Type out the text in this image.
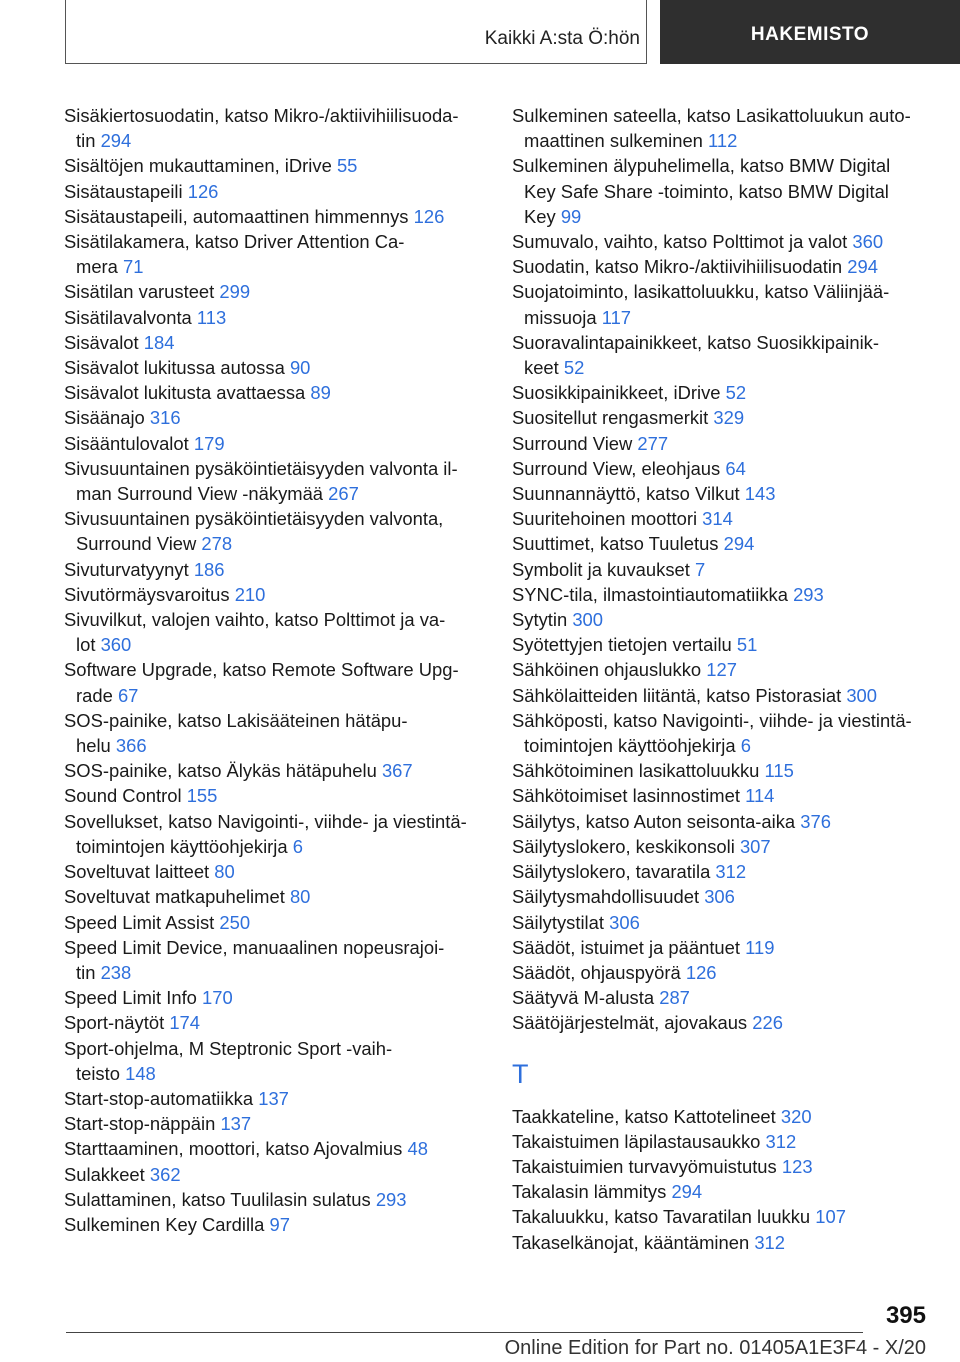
Kaikki A:sta Ö:hön	HAKEMISTO
Sisäkiertosuodatin, katso Mikro-/aktiivihiilisuoda-
tin 294
Sisältöjen mukauttaminen, iDrive 55
Sisätaustapeili 126
Sisätaustapeili, automaattinen himmennys 126
Sisätilakamera, katso Driver Attention Ca-
mera 71
Sisätilan varusteet 299
Sisätilavalvonta 113
Sisävalot 184
Sisävalot lukitussa autossa 90
Sisävalot lukitusta avattaessa 89
Sisäänajo 316
Sisääntulovalot 179
Sivusuuntainen pysäköintietäisyyden valvonta il-
man Surround View -näkymää 267
Sivusuuntainen pysäköintietäisyyden valvonta,
Surround View 278
Sivuturvatyynyt 186
Sivutörmäysvaroitus 210
Sivuvilkut, valojen vaihto, katso Polttimot ja va-
lot 360
Software Upgrade, katso Remote Software Upg-
rade 67
SOS-painike, katso Lakisääteinen hätäpu-
helu 366
SOS-painike, katso Älykäs hätäpuhelu 367
Sound Control 155
Sovellukset, katso Navigointi-, viihde- ja viestintä-
toimintojen käyttöohjekirja 6
Soveltuvat laitteet 80
Soveltuvat matkapuhelimet 80
Speed Limit Assist 250
Speed Limit Device, manuaalinen nopeusrajoi-
tin 238
Speed Limit Info 170
Sport-näytöt 174
Sport-ohjelma, M Steptronic Sport -vaih-
teisto 148
Start-stop-automatiikka 137
Start-stop-näppäin 137
Starttaaminen, moottori, katso Ajovalmius 48
Sulakkeet 362
Sulattaminen, katso Tuulilasin sulatus 293
Sulkeminen Key Cardilla 97
Sulkeminen sateella, katso Lasikattoluukun auto-
maattinen sulkeminen 112
Sulkeminen älypuhelimella, katso BMW Digital
Key Safe Share -toiminto, katso BMW Digital
Key 99
Sumuvalo, vaihto, katso Polttimot ja valot 360
Suodatin, katso Mikro-/aktiivihiilisuodatin 294
Suojatoiminto, lasikattoluukku, katso Väliinjää-
missuoja 117
Suoravalintapainikkeet, katso Suosikkipainik-
keet 52
Suosikkipainikkeet, iDrive 52
Suositellut rengasmerkit 329
Surround View 277
Surround View, eleohjaus 64
Suunnannäyttö, katso Vilkut 143
Suuritehoinen moottori 314
Suuttimet, katso Tuuletus 294
Symbolit ja kuvaukset 7
SYNC-tila, ilmastointiautomatiikka 293
Sytytin 300
Syötettyjen tietojen vertailu 51
Sähköinen ohjauslukko 127
Sähkölaitteiden liitäntä, katso Pistorasiat 300
Sähköposti, katso Navigointi-, viihde- ja viestintä-
toimintojen käyttöohjekirja 6
Sähkötoiminen lasikattoluukku 115
Sähkötoimiset lasinnostimet 114
Säilytys, katso Auton seisonta-aika 376
Säilytyslokero, keskikonsoli 307
Säilytyslokero, tavaratila 312
Säilytysmahdollisuudet 306
Säilytystilat 306
Säädöt, istuimet ja pääntuet 119
Säädöt, ohjauspyörä 126
Säätyvä M-alusta 287
Säätöjärjestelmät, ajovakaus 226
T
Taakkateline, katso Kattotelineet 320
Takaistuimen läpilastausaukko 312
Takaistuimien turvavyömuistutus 123
Takalasin lämmitys 294
Takaluukku, katso Tavaratilan luukku 107
Takaselkänojat, kääntäminen 312
395
Online Edition for Part no. 01405A1E3F4 - X/20
